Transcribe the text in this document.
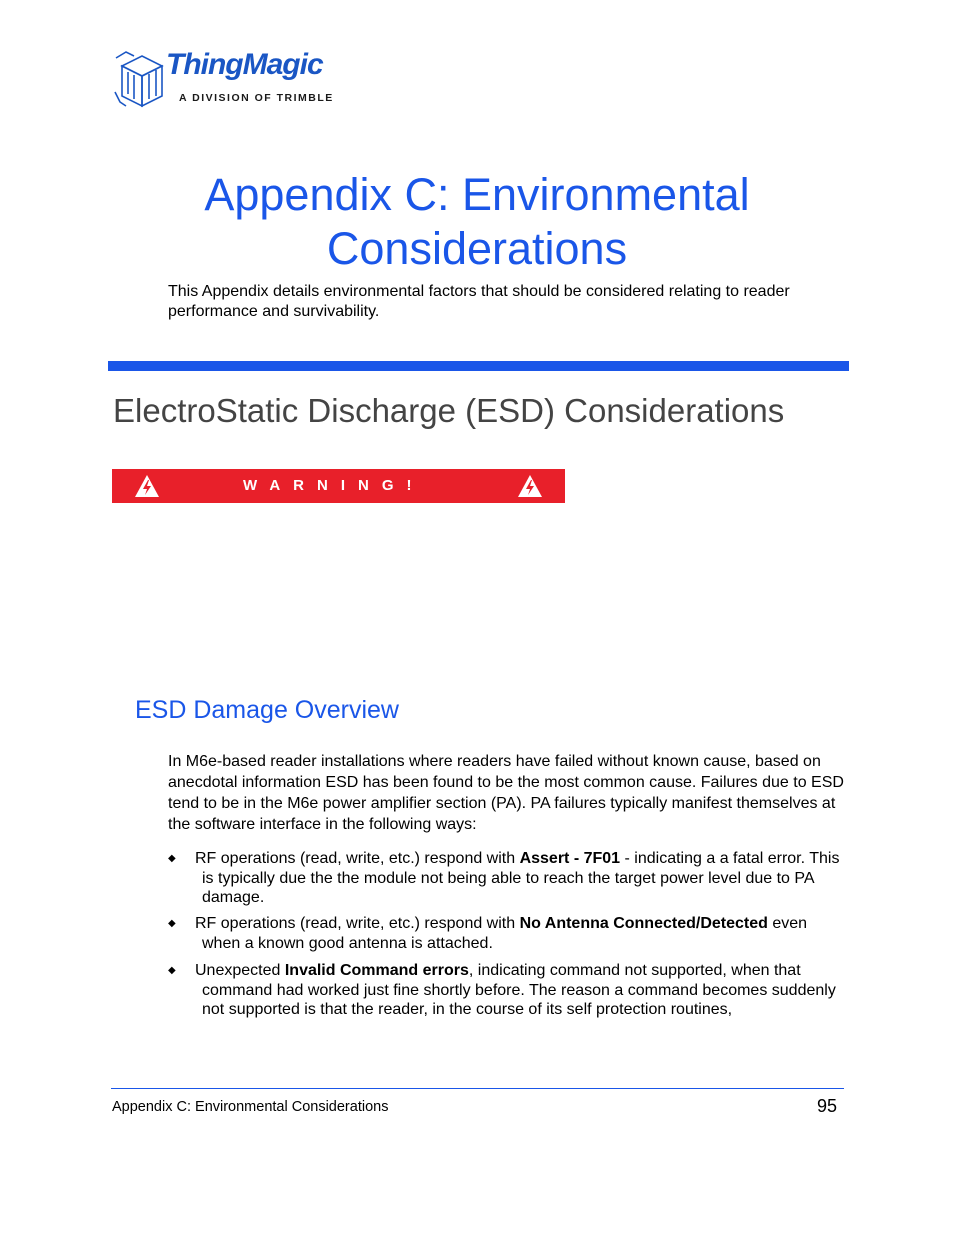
ThingMagic
A DIVISION OF TRIMBLE
Appendix C: Environmental
Considerations

This Appendix details environmental factors that should be considered relating to reader performance and survivability.

ElectroStatic Discharge (ESD) Considerations
WARNING!
ESD Damage Overview

In M6e-based reader installations where readers have failed without known cause, based on anecdotal information ESD has been found to be the most common cause. Failures due to ESD tend to be in the M6e power amplifier section (PA). PA failures typically manifest themselves at the software interface in the following ways:

◆	RF operations (read, write, etc.) respond with Assert - 7F01 - indicating a a fatal error. This is typically due the the module not being able to reach the target power level due to PA damage.
◆	RF operations (read, write, etc.) respond with No Antenna Connected/Detected even when a known good antenna is attached.
◆	Unexpected Invalid Command errors, indicating command not supported, when that command had worked just fine shortly before. The reason a command becomes suddenly not supported is that the reader, in the course of its self protection routines,
Appendix C: Environmental Considerations	95
